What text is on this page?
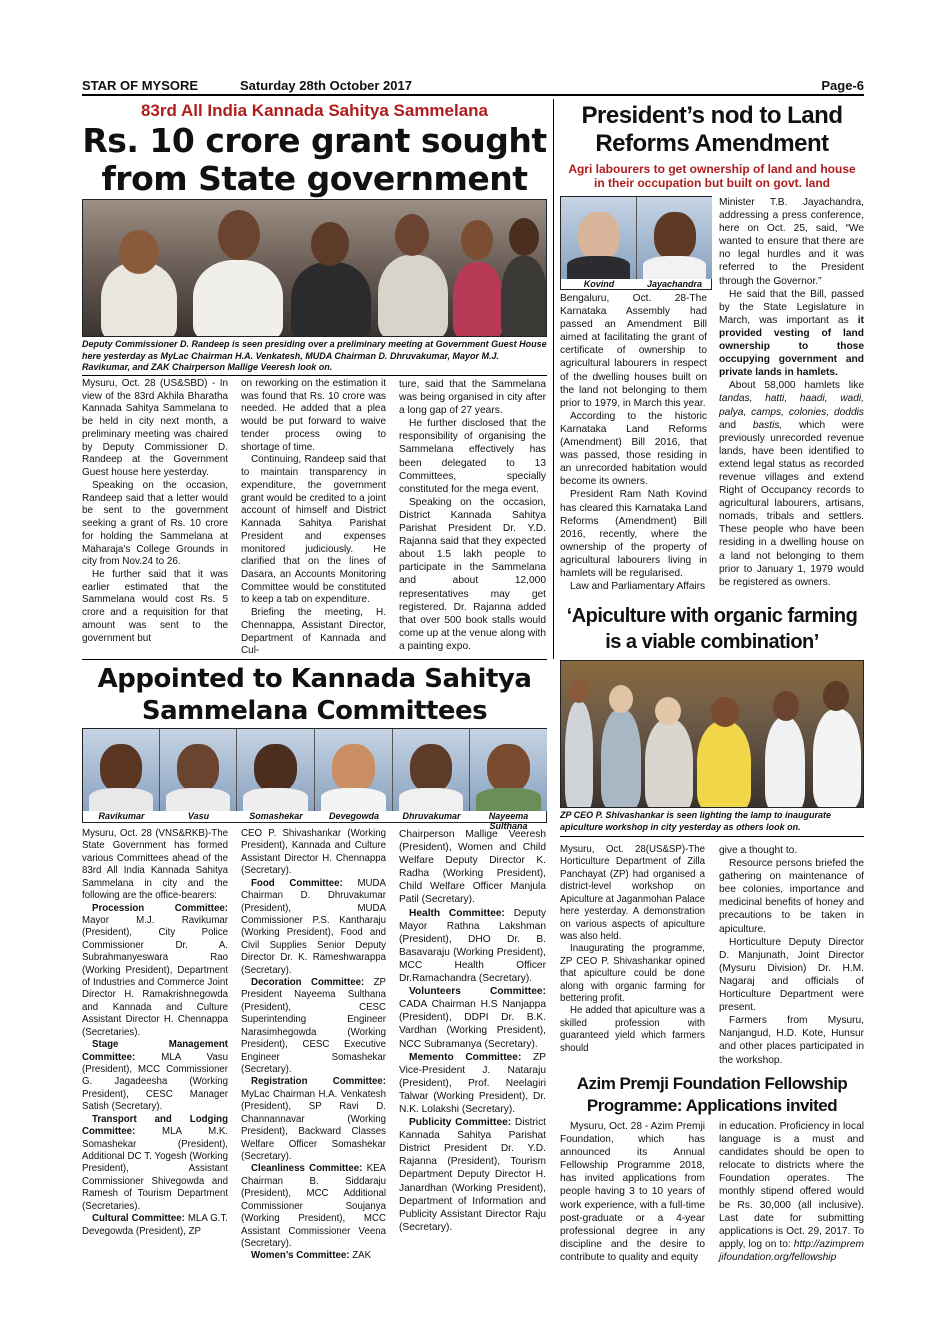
STAR OF MYSORE	Saturday 28th October 2017	Page-6
83rd All India Kannada Sahitya Sammelana
Rs. 10 crore grant sought
from State government
Deputy Commissioner D. Randeep is seen presiding over a preliminary meeting at Government Guest House here yesterday as MyLac Chairman H.A. Venkatesh, MUDA Chairman D. Dhruvakumar, Mayor M.J. Ravikumar, and ZAK Chairperson Mallige Veeresh look on.

Mysuru, Oct. 28 (US&SBD) - In view of the 83rd Akhila Bharatha Kannada Sahitya Sammelana to be held in city next month, a preliminary meeting was chaired by Deputy Commissioner D. Randeep at the Government Guest house here yesterday.

Speaking on the occasion, Randeep said that a letter would be sent to the government seeking a grant of Rs. 10 crore for holding the Sammelana at Maharaja's College Grounds in city from Nov.24 to 26.

He further said that it was earlier estimated that the Sammelana would cost Rs. 5 crore and a requisition for that amount was sent to the government but

on reworking on the estimation it was found that Rs. 10 crore was needed. He added that a plea would be put forward to waive tender process owing to shortage of time.

Continuing, Randeep said that to maintain transparency in expenditure, the government grant would be credited to a joint account of himself and District Kannada Sahitya Parishat President and expenses monitored judiciously. He clarified that on the lines of Dasara, an Accounts Monitoring Committee would be constituted to keep a tab on expenditure.

Briefing the meeting, H. Chennappa, Assistant Director, Department of Kannada and Cul-

ture, said that the Sammelana was being organised in city after a long gap of 27 years.

He further disclosed that the responsibility of organising the Sammelana effectively has been delegated to 13 Committees, specially constituted for the mega event.

Speaking on the occasion, District Kannada Sahitya Parishat President Dr. Y.D. Rajanna said that they expected about 1.5 lakh people to participate in the Sammelana and about 12,000 representatives may get registered. Dr. Rajanna added that over 500 book stalls would come up at the venue along with a painting expo.

President’s nod to Land
Reforms Amendment
Agri labourers to get ownership of land and house
in their occupation but built on govt. land
Kovind	Jayachandra

Bengaluru, Oct. 28-The Karnataka Assembly had passed an Amendment Bill aimed at facilitating the grant of certificate of ownership to agricultural labourers in respect of the dwelling houses built on the land not belonging to them prior to 1979, in March this year.

According to the historic Karnataka Land Reforms (Amendment) Bill 2016, that was passed, those residing in an unrecorded habitation would become its owners.

President Ram Nath Kovind has cleared this Karnataka Land Reforms (Amendment) Bill 2016, recently, where the ownership of the property of agricultural labourers living in hamlets will be regularised.

Law and Parliamentary Affairs

Minister T.B. Jayachandra, addressing a press conference, here on Oct. 25, said, “We wanted to ensure that there are no legal hurdles and it was referred to the President through the Governor.”

He said that the Bill, passed by the State Legislature in March, was important as it provided vesting of land ownership to those occupying government and private lands in hamlets.

About 58,000 hamlets like tandas, hatti, haadi, wadi, palya, camps, colonies, doddis and bastis, which were previously unrecorded revenue lands, have been identified to extend legal status as recorded revenue villages and extend Right of Occupancy records to agricultural labourers, artisans, nomads, tribals and settlers. These people who have been residing in a dwelling house on a land not belonging to them prior to January 1, 1979 would be registered as owners.

‘Apiculture with organic farming
is a viable combination’
ZP CEO P. Shivashankar is seen lighting the lamp to inaugurate apiculture workshop in city yesterday as others look on.

Mysuru, Oct. 28(US&SP)-The Horticulture Department of Zilla Panchayat (ZP) had organised a district-level workshop on Apiculture at Jaganmohan Palace here yesterday. A demonstration on various aspects of apiculture was also held.

Inaugurating the programme, ZP CEO P. Shivashankar opined that apiculture could be done along with organic farming for bettering profit.

He added that apiculture was a skilled profession with guaranteed yield which farmers should

give a thought to.

Resource persons briefed the gathering on maintenance of bee colonies, importance and medicinal benefits of honey and precautions to be taken in apiculture.

Horticulture Deputy Director D. Manjunath, Joint Director (Mysuru Division) Dr. H.M. Nagaraj and officials of Horticulture Department were present.

Farmers from Mysuru, Nanjangud, H.D. Kote, Hunsur and other places participated in the workshop.

Azim Premji Foundation Fellowship
Programme: Applications invited

Mysuru, Oct. 28 - Azim Premji Foundation, which has announced its Annual Fellowship Programme 2018, has invited applications from people having 3 to 10 years of work experience, with a full-time post-graduate or a 4-year professional degree in any discipline and the desire to contribute to quality and equity

in education. Proficiency in local language is a must and candidates should be open to relocate to districts where the Foundation operates. The monthly stipend offered would be Rs. 30,000 (all inclusive). Last date for submitting applications is Oct. 29, 2017. To apply, log on to: http://azimpremjifoundation.org/fellowship

Appointed to Kannada Sahitya
Sammelana Committees
Ravikumar	Vasu	Somashekar	Devegowda	Dhruvakumar	Nayeema Sulthana

Mysuru, Oct. 28 (VNS&RKB)-The State Government has formed various Committees ahead of the 83rd All India Kannada Sahitya Sammelana in city and the following are the office-bearers:

Procession Committee: Mayor M.J. Ravikumar (President), City Police Commissioner Dr. A. Subrahmanyeswara Rao (Working President), Department of Industries and Commerce Joint Director H. Ramakrishnegowda and Kannada and Culture Assistant Director H. Chennappa (Secretaries).

Stage Management Committee: MLA Vasu (President), MCC Commissioner G. Jagadeesha (Working President), CESC Manager Satish (Secretary).

Transport and Lodging Committee: MLA M.K. Somashekar (President), Additional DC T. Yogesh (Working President), Assistant Commissioner Shivegowda and Ramesh of Tourism Department (Secretaries).

Cultural Committee: MLA G.T. Devegowda (President), ZP

CEO P. Shivashankar (Working President), Kannada and Culture Assistant Director H. Chennappa (Secretary).

Food Committee: MUDA Chairman D. Dhruvakumar (President), MUDA Commissioner P.S. Kantharaju (Working President), Food and Civil Supplies Senior Deputy Director Dr. K. Rameshwarappa (Secretary).

Decoration Committee: ZP President Nayeema Sulthana (President), CESC Superintending Engineer Narasimhegowda (Working President), CESC Executive Engineer Somashekar (Secretary).

Registration Committee: MyLac Chairman H.A. Venkatesh (President), SP Ravi D. Channannavar (Working President), Backward Classes Welfare Officer Somashekar (Secretary).

Cleanliness Committee: KEA Chairman B. Siddaraju (President), MCC Additional Commissioner Soujanya (Working President), MCC Assistant Commissioner Veena (Secretary).

Women’s Committee: ZAK

Chairperson Mallige Veeresh (President), Women and Child Welfare Deputy Director K. Radha (Working President), Child Welfare Officer Manjula Patil (Secretary).

Health Committee: Deputy Mayor Rathna Lakshman (President), DHO Dr. B. Basavaraju (Working President), MCC Health Officer Dr.Ramachandra (Secretary).

Volunteers Committee: CADA Chairman H.S Nanjappa (President), DDPI Dr. B.K. Vardhan (Working President), NCC Subramanya (Secretary).

Memento Committee: ZP Vice-President J. Nataraju (President), Prof. Neelagiri Talwar (Working President), Dr. N.K. Lolakshi (Secretary).

Publicity Committee: District Kannada Sahitya Parishat District President Dr. Y.D. Rajanna (President), Tourism Department Deputy Director H. Janardhan (Working President), Department of Information and Publicity Assistant Director Raju (Secretary).
